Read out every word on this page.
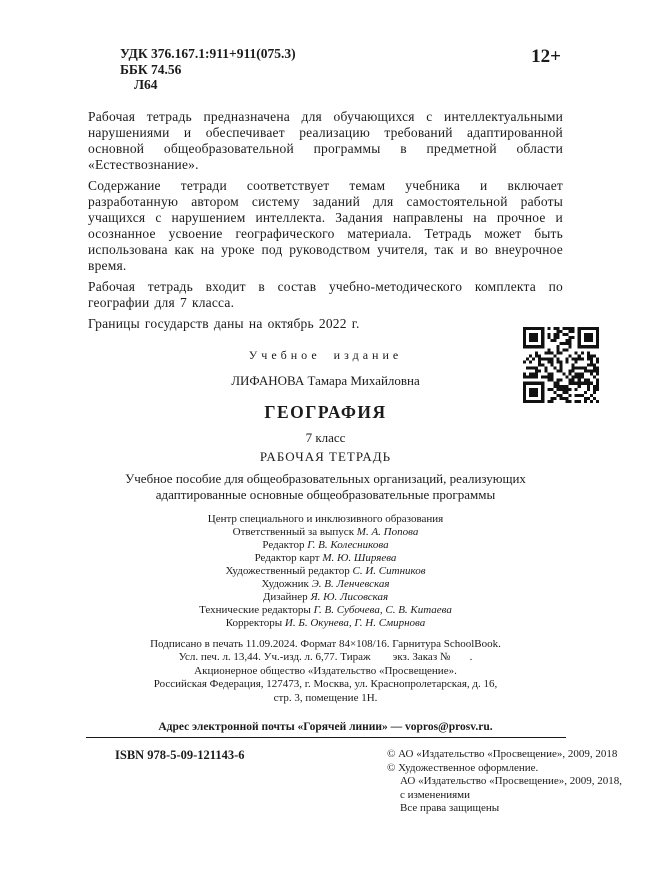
УДК 376.167.1:911+911(075.3)
ББК 74.56
Л64
12+

Рабочая тетрадь предназначена для обучающихся с интеллектуальными нарушениями и обеспечивает реализацию требований адаптированной основной общеобразовательной программы в предметной области «Естествознание».

Содержание тетради соответствует темам учебника и включает разработанную автором систему заданий для самостоятельной работы учащихся с нарушением интеллекта. Задания направлены на прочное и осознанное усвоение географического материала. Тетрадь может быть использована как на уроке под руководством учителя, так и во внеурочное время.

Рабочая тетрадь входит в состав учебно-методического комплекта по географии для 7 класса.

Границы государств даны на октябрь 2022 г.

Учебное издание
ЛИФАНОВА Тамара Михайловна
ГЕОГРАФИЯ
7 класс
РАБОЧАЯ ТЕТРАДЬ
Учебное пособие для общеобразовательных организаций, реализующих адаптированные основные общеобразовательные программы
Центр специального и инклюзивного образования
Ответственный за выпуск М. А. Попова
Редактор Г. В. Колесникова
Редактор карт М. Ю. Ширяева
Художественный редактор С. И. Ситников
Художник Э. В. Ленчевская
Дизайнер Я. Ю. Лисовская
Технические редакторы Г. В. Субочева, С. В. Китаева
Корректоры И. Б. Окунева, Г. Н. Смирнова
Подписано в печать 11.09.2024. Формат 84×108/16. Гарнитура SchoolBook.
Усл. печ. л. 13,44. Уч.-изд. л. 6,77. Тираж        экз. Заказ №       .
Акционерное общество «Издательство «Просвещение».
Российская Федерация, 127473, г. Москва, ул. Краснопролетарская, д. 16,
стр. 3, помещение 1Н.
Адрес электронной почты «Горячей линии» — vopros@prosv.ru.
ISBN 978-5-09-121143-6	© АО «Издательство «Просвещение», 2009, 2018
© Художественное оформление.
АО «Издательство «Просвещение», 2009, 2018,
с изменениями
Все права защищены
